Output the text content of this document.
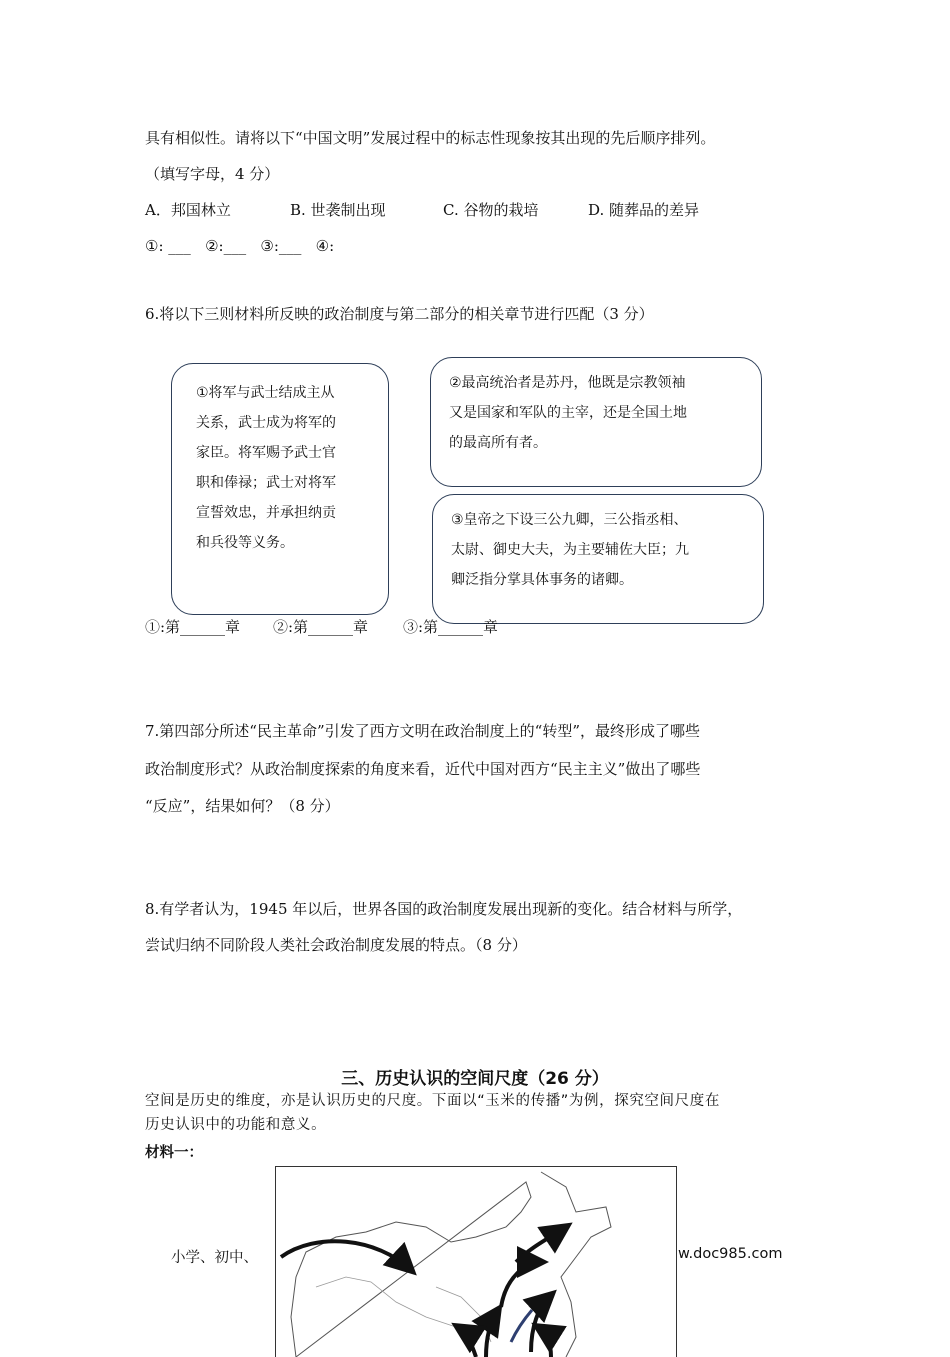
具有相似性。请将以下“中国文明”发展过程中的标志性现象按其出现的先后顺序排列。
（填写字母，4 分）
A．邦国林立	B. 世袭制出现	C. 谷物的栽培	D. 随葬品的差异
①: ___   ②:___   ③:___   ④:
6.将以下三则材料所反映的政治制度与第二部分的相关章节进行匹配（3 分）

①将军与武士结成主从

关系，武士成为将军的

家臣。将军赐予武士官

职和俸禄；武士对将军

宣誓效忠，并承担纳贡

和兵役等义务。

②最高统治者是苏丹，他既是宗教领袖

又是国家和军队的主宰，还是全国土地

的最高所有者。

③皇帝之下设三公九卿，三公指丞相、

太尉、御史大夫，为主要辅佐大臣；九

卿泛指分掌具体事务的诸卿。

①:第______章 ②:第______章 ③:第______章
7.第四部分所述“民主革命”引发了西方文明在政治制度上的“转型”，最终形成了哪些
政治制度形式？从政治制度探索的角度来看，近代中国对西方“民主主义”做出了哪些
“反应”，结果如何？（8 分）
8.有学者认为，1945 年以后，世界各国的政治制度发展出现新的变化。结合材料与所学，
尝试归纳不同阶段人类社会政治制度发展的特点。（8 分）
三、历史认识的空间尺度（26 分）
空间是历史的维度，亦是认识历史的尺度。下面以“玉米的传播”为例，探究空间尺度在
历史认识中的功能和意义。
材料一：
小学、初中、	w.doc985.com
